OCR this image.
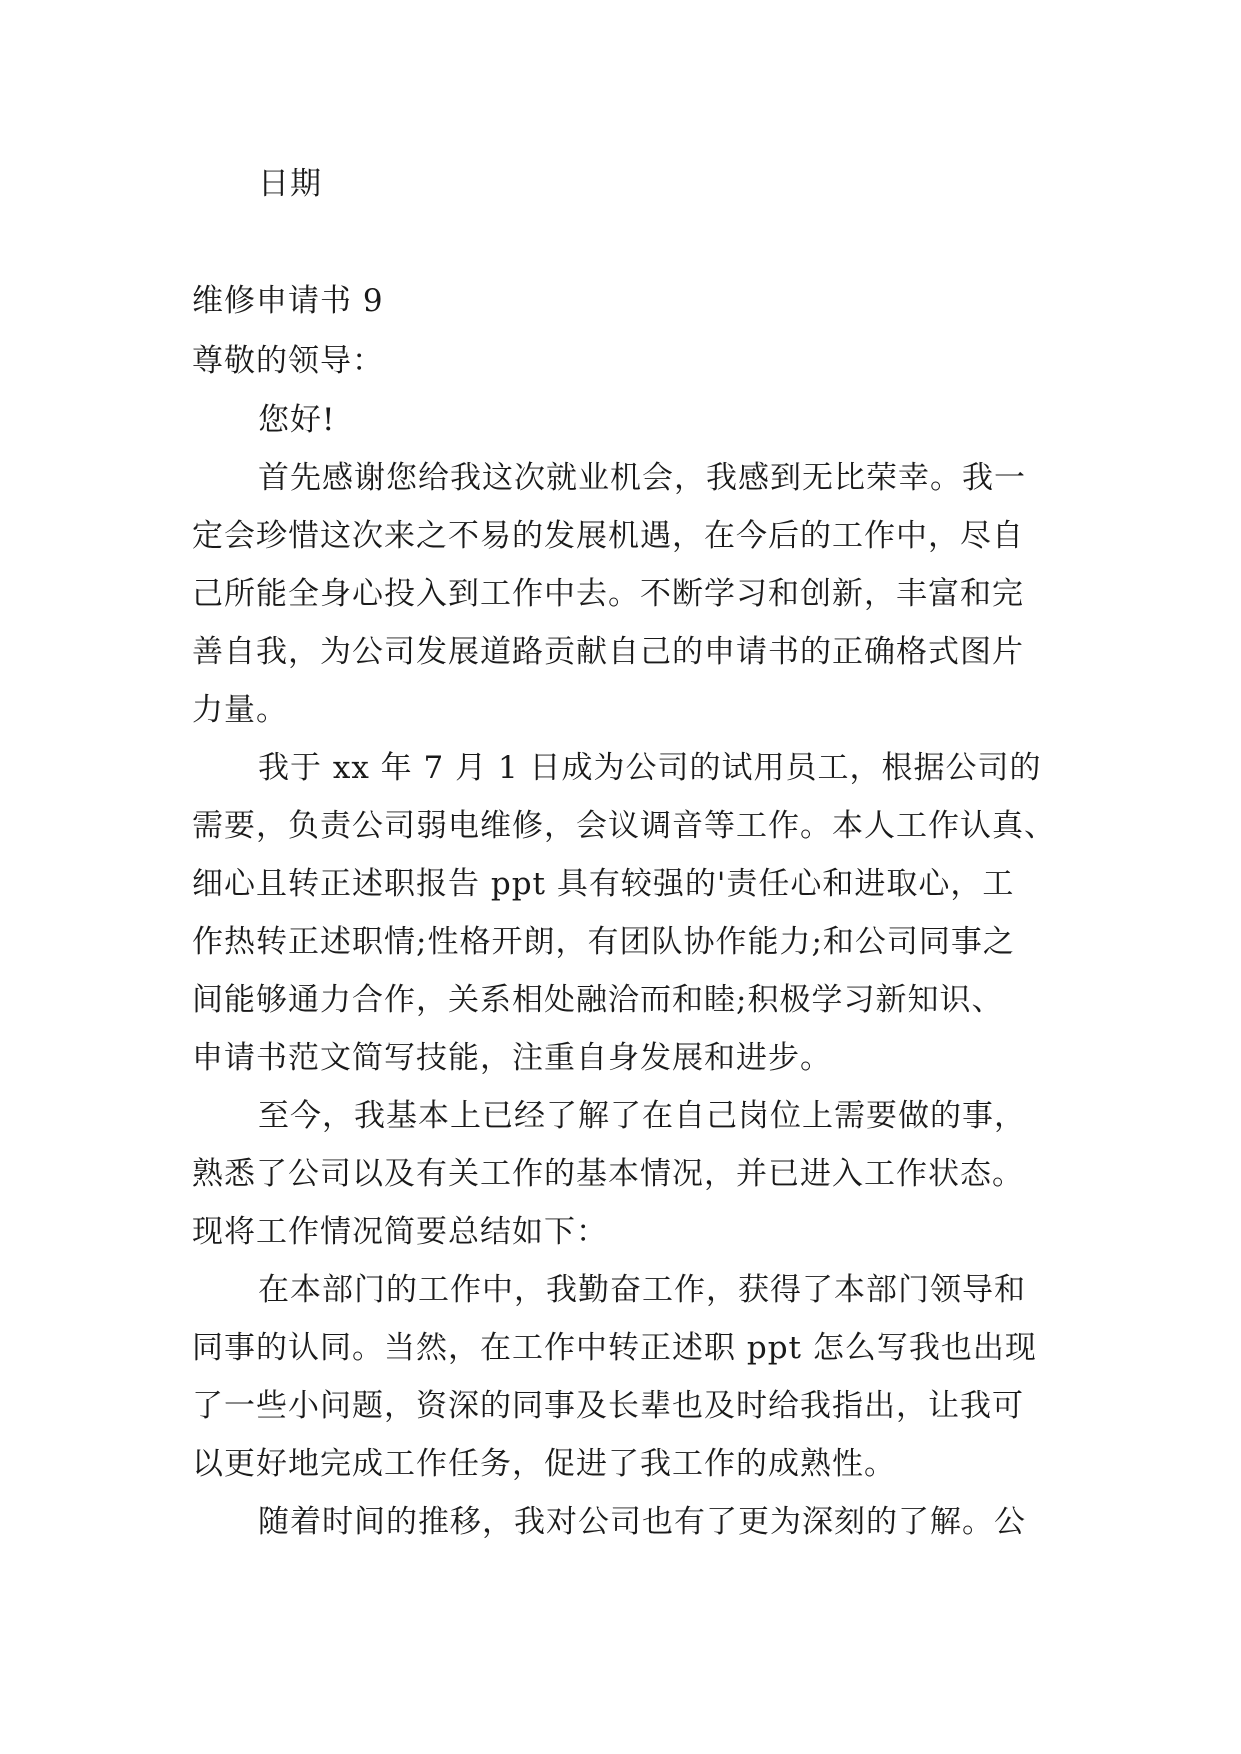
日期
维修申请书 9
尊敬的领导：
您好!
首先感谢您给我这次就业机会，我感到无比荣幸。我一
定会珍惜这次来之不易的发展机遇，在今后的工作中，尽自
己所能全身心投入到工作中去。不断学习和创新，丰富和完
善自我，为公司发展道路贡献自己的申请书的正确格式图片
力量。
我于 xx 年 7 月 1 日成为公司的试用员工，根据公司的
需要，负责公司弱电维修，会议调音等工作。本人工作认真、
细心且转正述职报告 ppt 具有较强的'责任心和进取心，工
作热转正述职情;性格开朗，有团队协作能力;和公司同事之
间能够通力合作，关系相处融洽而和睦;积极学习新知识、
申请书范文简写技能，注重自身发展和进步。
至今，我基本上已经了解了在自己岗位上需要做的事，
熟悉了公司以及有关工作的基本情况，并已进入工作状态。
现将工作情况简要总结如下：
在本部门的工作中，我勤奋工作，获得了本部门领导和
同事的认同。当然，在工作中转正述职 ppt 怎么写我也出现
了一些小问题，资深的同事及长辈也及时给我指出，让我可
以更好地完成工作任务，促进了我工作的成熟性。
随着时间的推移，我对公司也有了更为深刻的了解。公
